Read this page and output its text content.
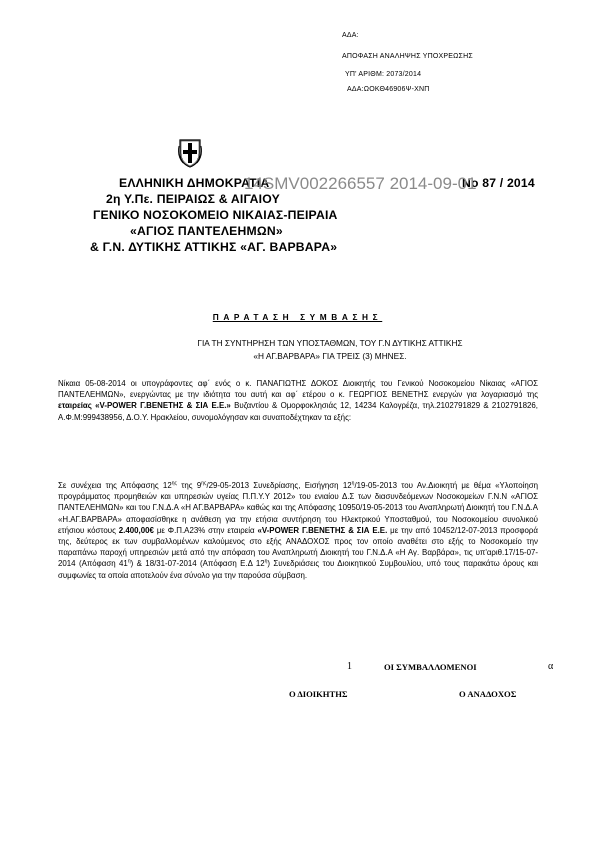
ΑΔΑ:
ΑΠΟΦΑΣΗ ΑΝΑΛΗΨΗΣ ΥΠΟΧΡΕΩΣΗΣ
ΥΠ' ΑΡΙΘΜ: 2073/2014
ΑΔΑ:ΩΟΚΘ46906Ψ-ΧΝΠ
ΕΛΛΗΝΙΚΗ ΔΗΜΟΚΡΑΤΙΑ	Νο 87 / 2014
2η Υ.Πε. ΠΕΙΡΑΙΩΣ & ΑΙΓΑΙΟΥ
ΓΕΝΙΚΟ ΝΟΣΟΚΟΜΕΙΟ ΝΙΚΑΙΑΣ-ΠΕΙΡΑΙΑ
«ΑΓΙΟΣ ΠΑΝΤΕΛΕΗΜΩΝ»
& Γ.Ν. ΔΥΤΙΚΗΣ ΑΤΤΙΚΗΣ «ΑΓ. ΒΑΡΒΑΡΑ»
14SMV002266557 2014-09-01
ΠΑΡΑΤΑΣΗ ΣΥΜΒΑΣΗΣ
ΓΙΑ ΤΗ ΣΥΝΤΗΡΗΣΗ ΤΩΝ ΥΠΟΣΤΑΘΜΩΝ, ΤΟΥ Γ.Ν ΔΥΤΙΚΗΣ ΑΤΤΙΚΗΣ
«Η ΑΓ.ΒΑΡΒΑΡΑ» ΓΙΑ ΤΡΕΙΣ (3) ΜΗΝΕΣ.
Νίκαια 05-08-2014 οι υπογράφοντες αφ΄ ενός ο κ. ΠΑΝΑΓΙΩΤΗΣ ΔΟΚΟΣ Διοικητής του Γενικού Νοσοκομείου Νίκαιας «ΑΓΙΟΣ ΠΑΝΤΕΛΕΗΜΩΝ», ενεργώντας με την ιδιότητα του αυτή και αφ΄ ετέρου ο κ. ΓΕΩΡΓΙΟΣ ΒΕΝΕΤΗΣ ενεργών για λογαριασμό της εταιρείας «V-POWER Γ.ΒΕΝΕΤΗΣ & ΣΙΑ Ε.Ε.» Βυζαντίου & Ομορφοκλησιάς 12, 14234 Καλογρέζα, τηλ.2102791829 & 2102791826, Α.Φ.Μ:999438956, Δ.Ο.Υ. Ηρακλείου, συνομολόγησαν και συναποδέχτηκαν τα εξής:
Σε συνέχεια της Απόφασης $12^{\eta\varsigma}$ της $9^{\eta\varsigma}/29-05-2013$ Συνεδρίασης, Εισήγηση $12^\eta/19-05-2013$ του Αν.Διοικητή με θέμα «Υλοποίηση προγράμματος προμηθειών και υπηρεσιών υγείας Π.Π.Υ.Υ 2012» του ενιαίου Δ.Σ των διασυνδεόμενων Νοσοκομείων Γ.Ν.Ν «ΑΓΙΟΣ ΠΑΝΤΕΛΕΗΜΩΝ» και του Γ.Ν.Δ.Α «Η ΑΓ.ΒΑΡΒΑΡΑ» καθώς και της Απόφασης 10950/19-05-2013 του Αναπληρωτή Διοικητή του Γ.Ν.Δ.Α «Η.ΑΓ.ΒΑΡΒΑΡΑ» αποφασίσθηκε η ανάθεση για την ετήσια συντήρηση του Ηλεκτρικού Υποσταθμού, του Νοσοκομείου συνολικού ετήσιου κόστους 2.400,00€ με Φ.Π.Α23% στην εταιρεία «V-POWER Γ.ΒΕΝΕΤΗΣ & ΣΙΑ Ε.Ε. με την από 10452/12-07-2013 προσφορά της, δεύτερος εκ των συμβαλλομένων καλούμενος στο εξής ΑΝΑΔΟΧΟΣ προς τον οποίο αναθέτει στο εξής το Νοσοκομείο την παραπάνω παροχή υπηρεσιών μετά από την απόφαση του Αναπληρωτή Διοικητή του Γ.Ν.Δ.Α «Η Αγ. Βαρβάρα», τις υπ'αριθ.17/15-07-2014 (Απόφαση $41^\eta$) & 18/31-07-2014 (Απόφαση Ε.Δ $12^\eta$) Συνεδριάσεις του Διοικητικού Συμβουλίου, υπό τους παρακάτω όρους και συμφωνίες τα οποία αποτελούν ένα σύνολο για την παρούσα σύμβαση.
1	ΟΙ ΣΥΜΒΑΛΛΟΜΕΝΟΙ	α
Ο ΔΙΟΙΚΗΤΗΣ	Ο ΑΝΑΔΟΧΟΣ
